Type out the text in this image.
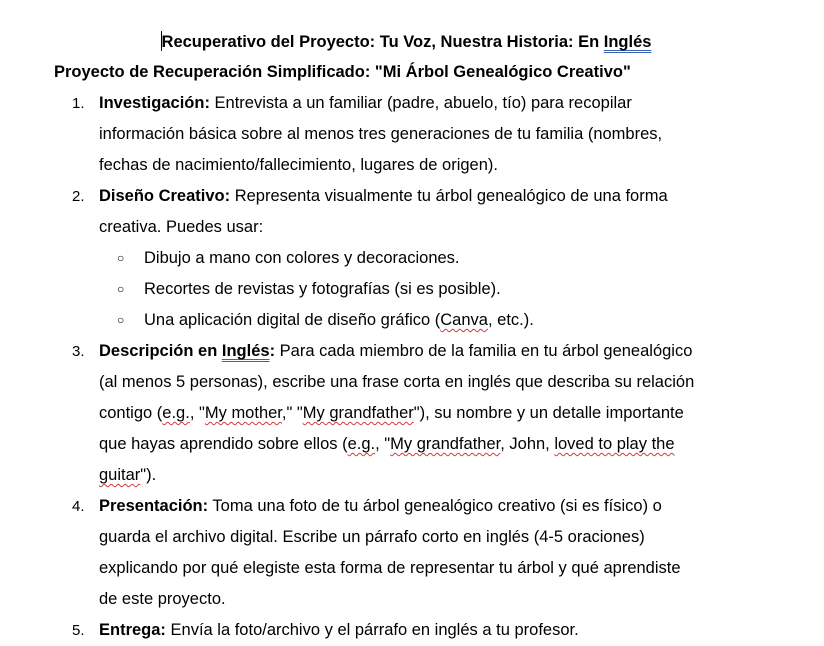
Recuperativo del Proyecto: Tu Voz, Nuestra Historia: En Inglés
Proyecto de Recuperación Simplificado: "Mi Árbol Genealógico Creativo"
1. Investigación: Entrevista a un familiar (padre, abuelo, tío) para recopilar
información básica sobre al menos tres generaciones de tu familia (nombres,
fechas de nacimiento/fallecimiento, lugares de origen).
2. Diseño Creativo: Representa visualmente tu árbol genealógico de una forma
creativa. Puedes usar:
○ Dibujo a mano con colores y decoraciones.
○ Recortes de revistas y fotografías (si es posible).
○ Una aplicación digital de diseño gráfico (Canva, etc.).
3. Descripción en Inglés: Para cada miembro de la familia en tu árbol genealógico
(al menos 5 personas), escribe una frase corta en inglés que describa su relación
contigo (e.g., "My mother," "My grandfather"), su nombre y un detalle importante
que hayas aprendido sobre ellos (e.g., "My grandfather, John, loved to play the
guitar").
4. Presentación: Toma una foto de tu árbol genealógico creativo (si es físico) o
guarda el archivo digital. Escribe un párrafo corto en inglés (4-5 oraciones)
explicando por qué elegiste esta forma de representar tu árbol y qué aprendiste
de este proyecto.
5. Entrega: Envía la foto/archivo y el párrafo en inglés a tu profesor.
